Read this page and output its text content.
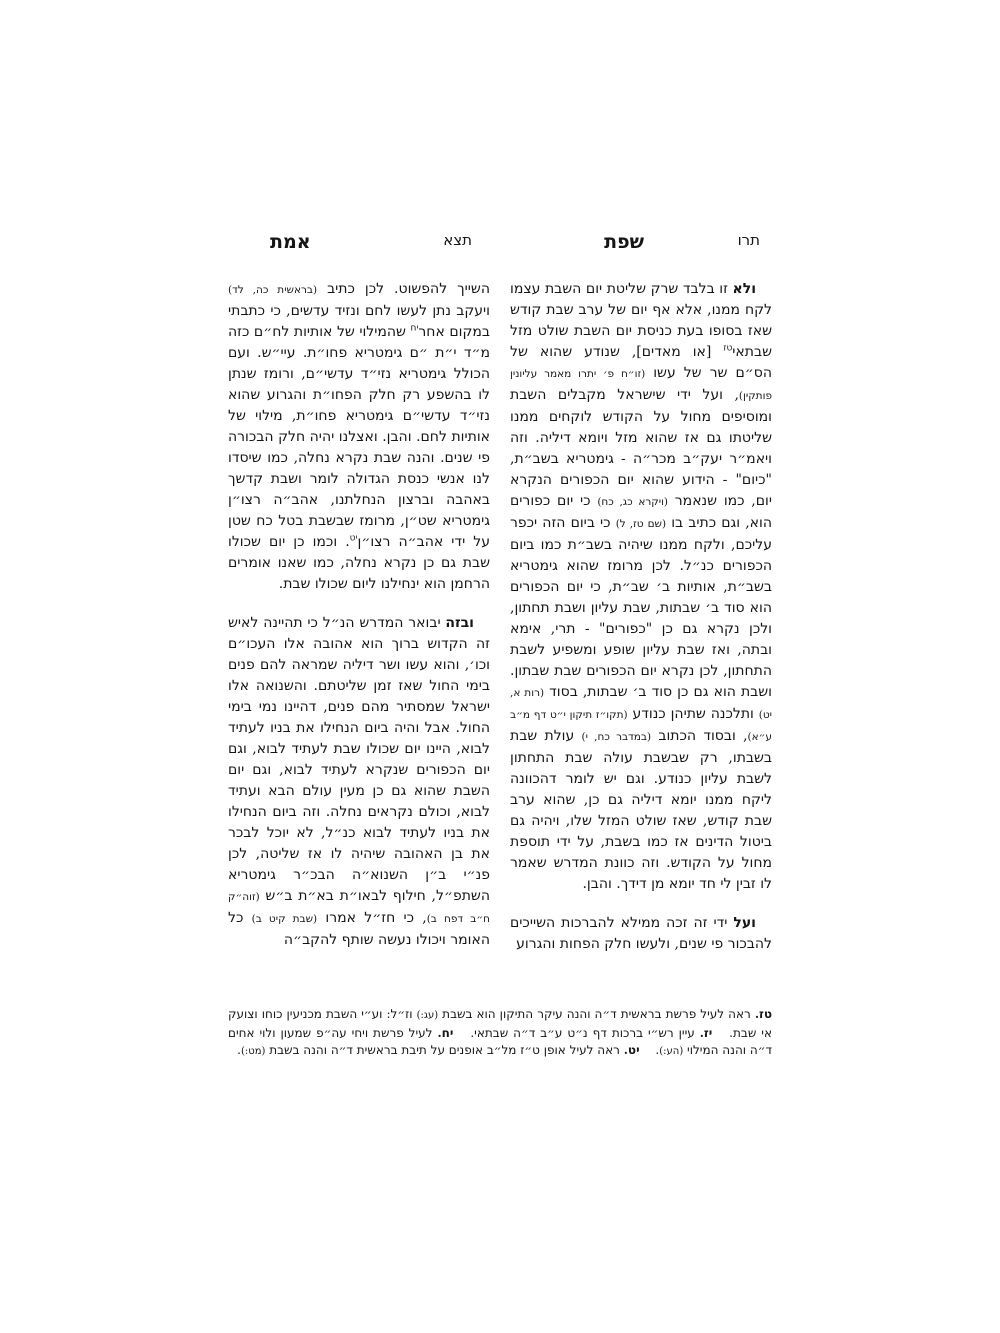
תרו
שפת
תצא
אמת

ולא זו בלבד שרק שליטת יום השבת עצמו לקח ממנו, אלא אף יום של ערב שבת קודש שאז בסופו בעת כניסת יום השבת שולט מזל שבתאי$^{טז}$ [או מאדים], שנודע שהוא של הס״ם שר של עשו (זו״ח פ׳ יתרו מאמר עליונין פותקין), ועל ידי שישראל מקבלים השבת ומוסיפים מחול על הקודש לוקחים ממנו שליטתו גם אז שהוא מזל ויומא דיליה. וזה ויאמ״ר יעק״ב מכר״ה - גימטריא בשב״ת, "כיום" - הידוע שהוא יום הכפורים הנקרא יום, כמו שנאמר (ויקרא כג, כח) כי יום כפורים הוא, וגם כתיב בו (שם טז, ל) כי ביום הזה יכפר עליכם, ולקח ממנו שיהיה בשב״ת כמו ביום הכפורים כנ״ל. לכן מרומז שהוא גימטריא בשב״ת, אותיות ב׳ שב״ת, כי יום הכפורים הוא סוד ב׳ שבתות, שבת עליון ושבת תחתון, ולכן נקרא גם כן "כפורים" - תרי, אימא ובתה, ואז שבת עליון שופע ומשפיע לשבת התחתון, לכן נקרא יום הכפורים שבת שבתון. ושבת הוא גם כן סוד ב׳ שבתות, בסוד (רות א, יט) ותלכנה שתיהן כנודע (תקו״ז תיקון י״ט דף מ״ב ע״א), ובסוד הכתוב (במדבר כח, י) עולת שבת בשבתו, רק שבשבת עולה שבת התחתון לשבת עליון כנודע. וגם יש לומר דהכוונה ליקח ממנו יומא דיליה גם כן, שהוא ערב שבת קודש, שאז שולט המזל שלו, ויהיה גם ביטול הדינים אז כמו בשבת, על ידי תוספת מחול על הקודש. וזה כוונת המדרש שאמר לו זבין לי חד יומא מן דידך. והבן.

ועל ידי זה זכה ממילא להברכות השייכים להבכור פי שנים, ולעשו חלק הפחות והגרוע

השייך להפשוט. לכן כתיב (בראשית כה, לד) ויעקב נתן לעשו לחם ונזיד עדשים, כי כתבתי במקום אחר$^{יח}$ שהמילוי של אותיות לח״ם כזה מ״ד י״ת ״ם גימטריא פחו״ת. עיי״ש. ועם הכולל גימטריא נזי״ד עדשי״ם, ורומז שנתן לו בהשפע רק חלק הפחו״ת והגרוע שהוא נזי״ד עדשי״ם גימטריא פחו״ת, מילוי של אותיות לחם. והבן. ואצלנו יהיה חלק הבכורה פי שנים. והנה שבת נקרא נחלה, כמו שיסדו לנו אנשי כנסת הגדולה לומר ושבת קדשך באהבה וברצון הנחלתנו, אהב״ה רצו״ן גימטריא שט״ן, מרומז שבשבת בטל כח שטן על ידי אהב״ה רצו״ן$^{יט}$. וכמו כן יום שכולו שבת גם כן נקרא נחלה, כמו שאנו אומרים הרחמן הוא ינחילנו ליום שכולו שבת.

ובזה יבואר המדרש הנ״ל כי תהיינה לאיש זה הקדוש ברוך הוא אהובה אלו העכו״ם וכו׳, והוא עשו ושר דיליה שמראה להם פנים בימי החול שאז זמן שליטתם. והשנואה אלו ישראל שמסתיר מהם פנים, דהיינו נמי בימי החול. אבל והיה ביום הנחילו את בניו לעתיד לבוא, היינו יום שכולו שבת לעתיד לבוא, וגם יום הכפורים שנקרא לעתיד לבוא, וגם יום השבת שהוא גם כן מעין עולם הבא ועתיד לבוא, וכולם נקראים נחלה. וזה ביום הנחילו את בניו לעתיד לבוא כנ״ל, לא יוכל לבכר את בן האהובה שיהיה לו אז שליטה, לכן פנ״י ב״ן השנוא״ה הבכ״ר גימטריא השתפ״ל, חילוף לבאו״ת בא״ת ב״ש (זוה״ק ח״ב דפח ב), כי חז״ל אמרו (שבת קיט ב) כל האומר ויכולו נעשה שותף להקב״ה

טז. ראה לעיל פרשת בראשית ד״ה והנה עיקר התיקון הוא בשבת (עג:) וז״ל: וע״י השבת מכניעין כוחו וצועק אי שבת.  יז. עיין רש״י ברכות דף נ״ט ע״ב ד״ה שבתאי.  יח. לעיל פרשת ויחי עה״פ שמעון ולוי אחים ד״ה והנה המילוי (הע:).  יט. ראה לעיל אופן ט״ז מל״ב אופנים על תיבת בראשית ד״ה והנה בשבת (מט:).
